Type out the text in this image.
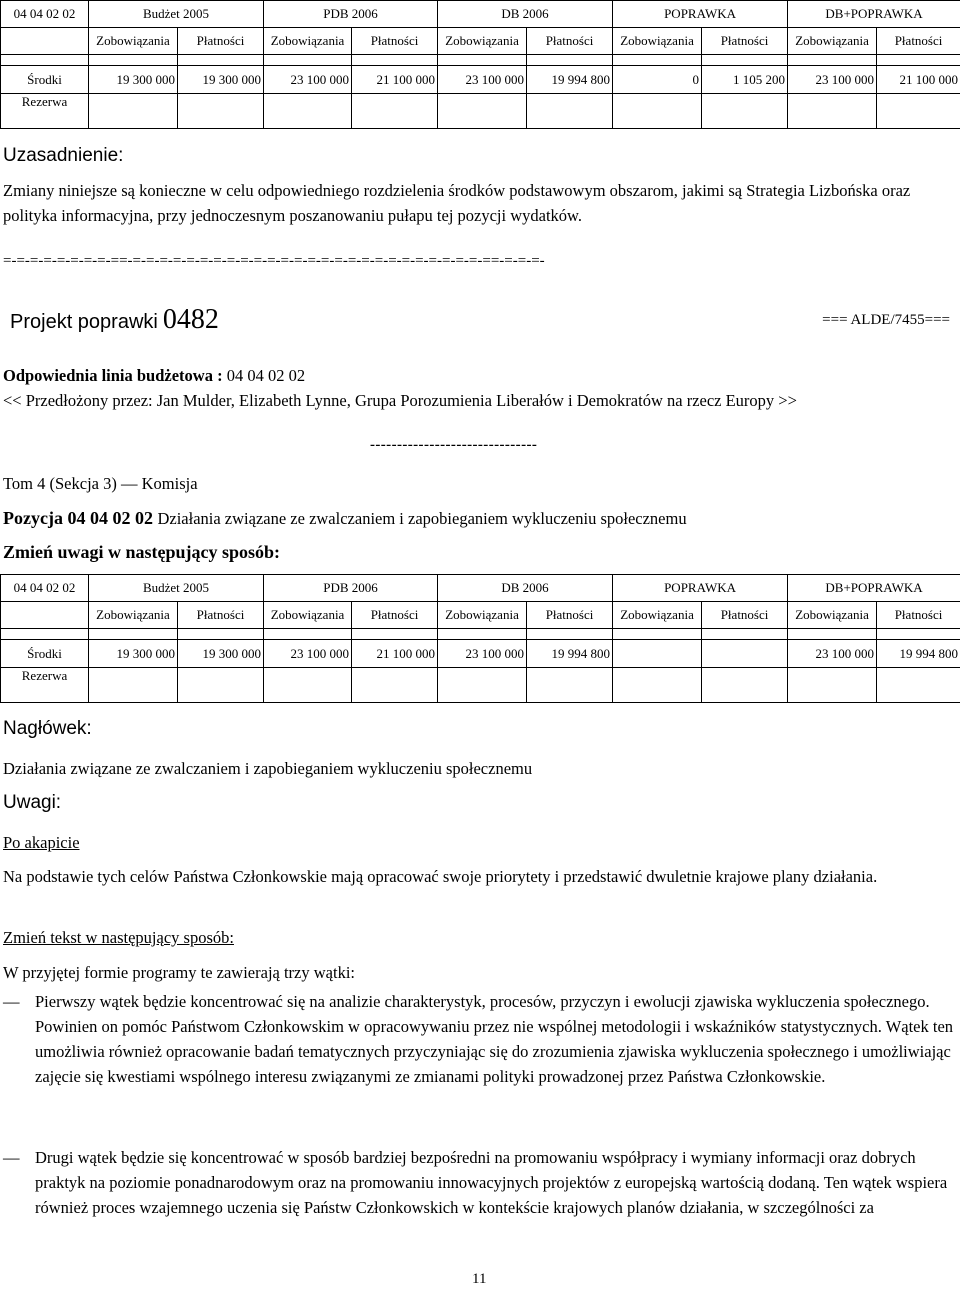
04 04 02 02	Budżet 2005		PDB 2006		DB 2006		POPRAWKA		DB+POPRAWKA	
	Zobowiązania	Płatności	Zobowiązania	Płatności	Zobowiązania	Płatności	Zobowiązania	Płatności	Zobowiązania	Płatności

Środki	19 300 000	19 300 000	23 100 000	21 100 000	23 100 000	19 994 800	0	1 105 200	23 100 000	21 100 000
Rezerwa										
Uzasadnienie:
Zmiany niniejsze są konieczne w celu odpowiedniego rozdzielenia środków podstawowym obszarom, jakimi są Strategia Lizbońska oraz polityka informacyjna, przy jednoczesnym poszanowaniu pułapu tej pozycji wydatków.
=-=-=-=-=-=-=-=-==-=-=-=-=-=-=-=-=-=-=-=-=-=-=-=-=-=-=-=-=-=-=-=-=-=-=-==-=-=-=-
Projekt poprawki 0482	=== ALDE/7455===
Odpowiednia linia budżetowa : 04 04 02 02
<< Przedłożony przez: Jan Mulder, Elizabeth Lynne, Grupa Porozumienia Liberałów i Demokratów na rzecz Europy >>
-------------------------------
Tom 4 (Sekcja 3) — Komisja
Pozycja 04 04 02 02 Działania związane ze zwalczaniem i zapobieganiem wykluczeniu społecznemu
Zmień uwagi w następujący sposób:
04 04 02 02	Budżet 2005		PDB 2006		DB 2006		POPRAWKA		DB+POPRAWKA	
	Zobowiązania	Płatności	Zobowiązania	Płatności	Zobowiązania	Płatności	Zobowiązania	Płatności	Zobowiązania	Płatności

Środki	19 300 000	19 300 000	23 100 000	21 100 000	23 100 000	19 994 800			23 100 000	19 994 800
Rezerwa										
Nagłówek:
Działania związane ze zwalczaniem i zapobieganiem wykluczeniu społecznemu
Uwagi:
Po akapicie
Na podstawie tych celów Państwa Członkowskie mają opracować swoje priorytety i przedstawić dwuletnie krajowe plany działania.
Zmień tekst w następujący sposób:
W przyjętej formie programy te zawierają trzy wątki:
— Pierwszy wątek będzie koncentrować się na analizie charakterystyk, procesów, przyczyn i ewolucji zjawiska wykluczenia społecznego. Powinien on pomóc Państwom Członkowskim w opracowywaniu przez nie wspólnej metodologii i wskaźników statystycznych. Wątek ten umożliwia również opracowanie badań tematycznych przyczyniając się do zrozumienia zjawiska wykluczenia społecznego i umożliwiając zajęcie się kwestiami wspólnego interesu związanymi ze zmianami polityki prowadzonej przez Państwa Członkowskie.
— Drugi wątek będzie się koncentrować w sposób bardziej bezpośredni na promowaniu współpracy i wymiany informacji oraz dobrych praktyk na poziomie ponadnarodowym oraz na promowaniu innowacyjnych projektów z europejską wartością dodaną. Ten wątek wspiera również proces wzajemnego uczenia się Państw Członkowskich w kontekście krajowych planów działania, w szczególności za
11
